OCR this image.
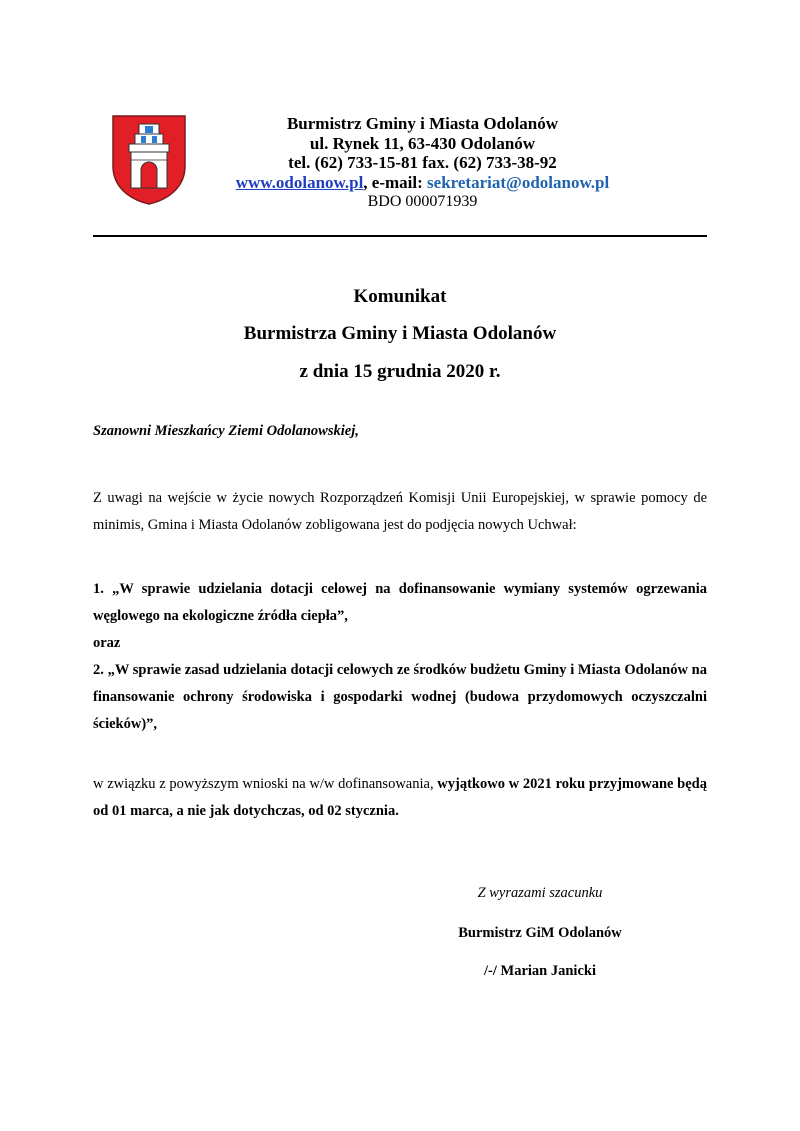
Burmistrz Gminy i Miasta Odolanów
ul. Rynek 11, 63-430 Odolanów
tel. (62) 733-15-81 fax. (62) 733-38-92
www.odolanow.pl, e-mail: sekretariat@odolanow.pl
BDO 000071939
Komunikat
Burmistrza Gminy i Miasta Odolanów
z dnia 15 grudnia 2020 r.
Szanowni Mieszkańcy Ziemi Odolanowskiej,

Z uwagi na wejście w życie nowych Rozporządzeń Komisji Unii Europejskiej, w sprawie pomocy de minimis, Gmina i Miasta Odolanów zobligowana jest do podjęcia nowych Uchwał:

1. „W sprawie udzielania dotacji celowej na dofinansowanie wymiany systemów ogrzewania węglowego na ekologiczne źródła ciepła”,

oraz

2. „W sprawie zasad udzielania dotacji celowych ze środków budżetu Gminy i Miasta Odolanów na finansowanie ochrony środowiska i gospodarki wodnej (budowa przydomowych oczyszczalni ścieków)”,

w związku z powyższym wnioski na w/w dofinansowania, wyjątkowo w 2021 roku przyjmowane będą od 01 marca, a nie jak dotychczas, od 02 stycznia.

Z wyrazami szacunku
Burmistrz GiM Odolanów
/-/ Marian Janicki
